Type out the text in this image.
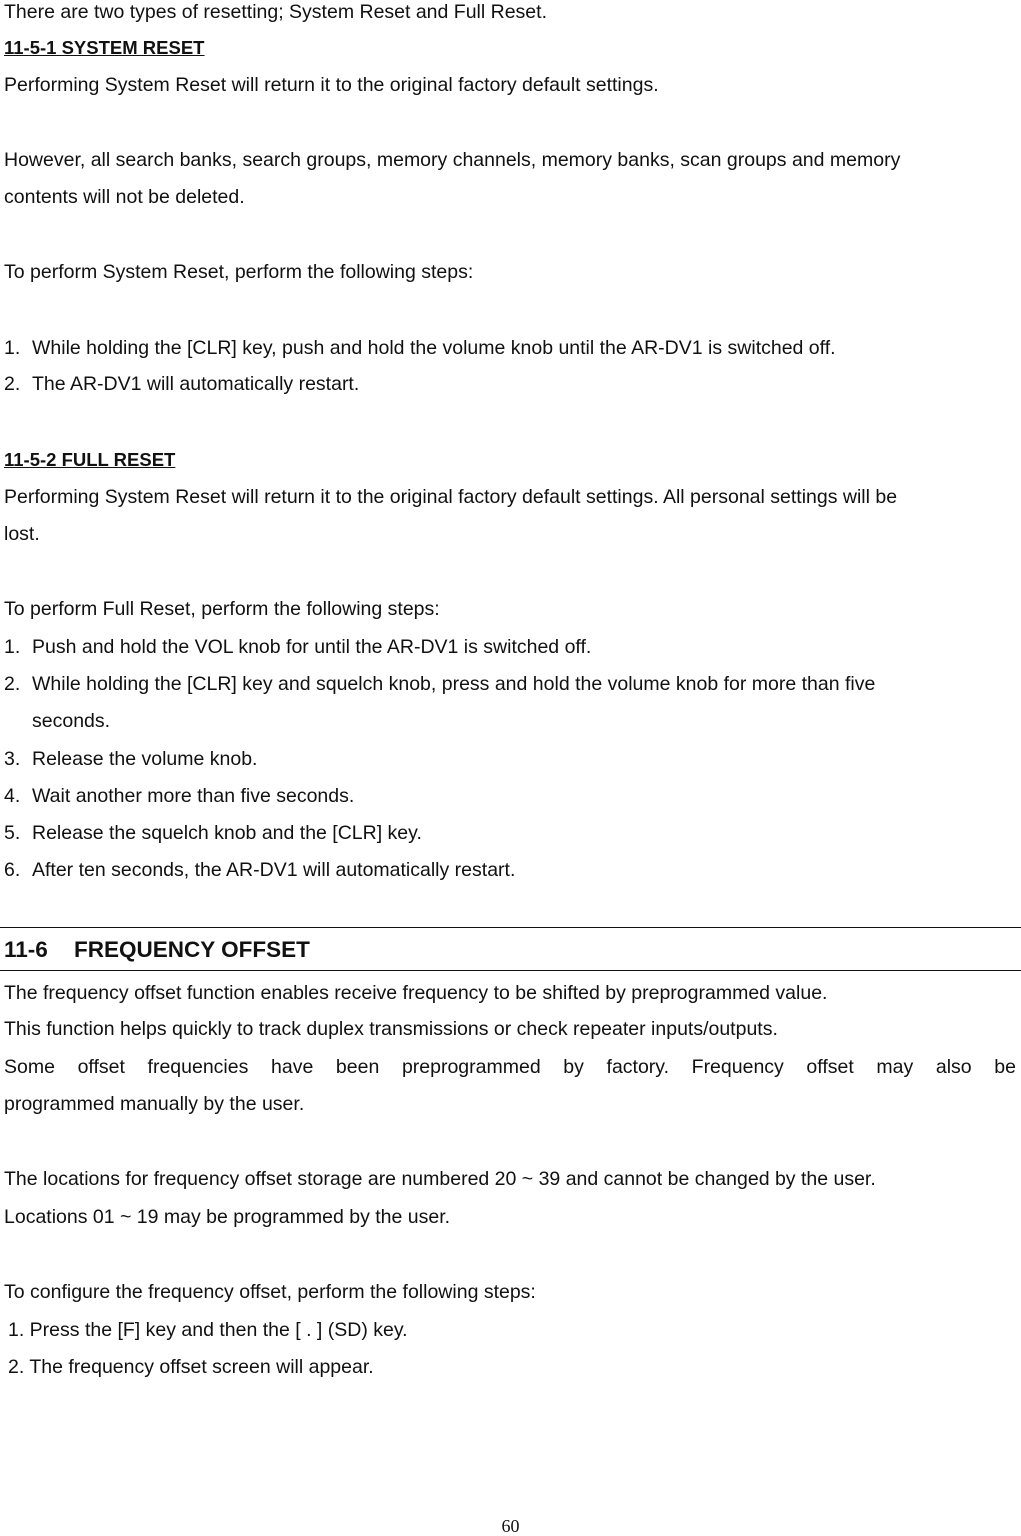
There are two types of resetting; System Reset and Full Reset.
11-5-1 SYSTEM RESET
Performing System Reset will return it to the original factory default settings.
However, all search banks, search groups, memory channels, memory banks, scan groups and memory
contents will not be deleted.
To perform System Reset, perform the following steps:
1. While holding the [CLR] key, push and hold the volume knob until the AR-DV1 is switched off.
2. The AR-DV1 will automatically restart.
11-5-2 FULL RESET
Performing System Reset will return it to the original factory default settings. All personal settings will be
lost.
To perform Full Reset, perform the following steps:
1. Push and hold the VOL knob for until the AR-DV1 is switched off.
2. While holding the [CLR] key and squelch knob, press and hold the volume knob for more than five
seconds.
3. Release the volume knob.
4. Wait another more than five seconds.
5. Release the squelch knob and the [CLR] key.
6. After ten seconds, the AR-DV1 will automatically restart.
11-6 FREQUENCY OFFSET
The frequency offset function enables receive frequency to be shifted by preprogrammed value.
This function helps quickly to track duplex transmissions or check repeater inputs/outputs.
Some offset frequencies have been preprogrammed by factory. Frequency offset may also be
programmed manually by the user.
The locations for frequency offset storage are numbered 20 ~ 39 and cannot be changed by the user.
Locations 01 ~ 19 may be programmed by the user.
To configure the frequency offset, perform the following steps:
1. Press the [F] key and then the [ . ] (SD) key.
2. The frequency offset screen will appear.
60
